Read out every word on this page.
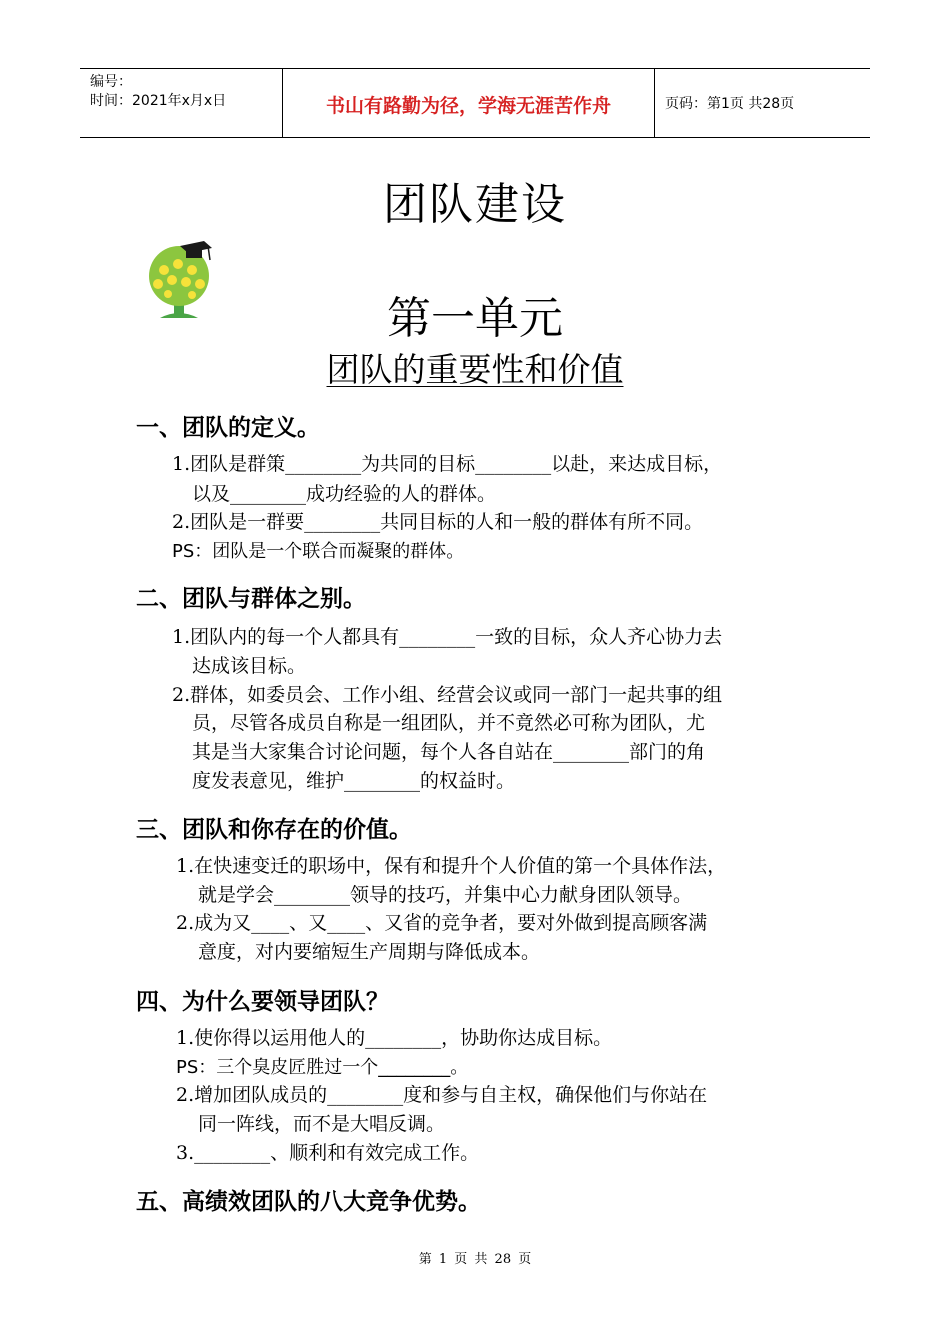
编号：
时间：2021年x月x日	书山有路勤为径，学海无涯苦作舟	页码：第1页 共28页
团队建设
第一单元
团队的重要性和价值
一、团队的定义。
1.团队是群策________为共同的目标________以赴，来达成目标，
以及________成功经验的人的群体。
2.团队是一群要________共同目标的人和一般的群体有所不同。
PS：团队是一个联合而凝聚的群体。
二、团队与群体之别。
1.团队内的每一个人都具有________一致的目标，众人齐心协力去
达成该目标。
2.群体，如委员会、工作小组、经营会议或同一部门一起共事的组
员，尽管各成员自称是一组团队，并不竟然必可称为团队，尤
其是当大家集合讨论问题，每个人各自站在________部门的角
度发表意见，维护________的权益时。
三、团队和你存在的价值。
1.在快速变迁的职场中，保有和提升个人价值的第一个具体作法，
就是学会________领导的技巧，并集中心力献身团队领导。
2.成为又____、又____、又省的竞争者，要对外做到提高顾客满
意度，对内要缩短生产周期与降低成本。
四、为什么要领导团队？
1.使你得以运用他人的________，协助你达成目标。
PS：三个臭皮匠胜过一个________。
2.增加团队成员的________度和参与自主权，确保他们与你站在
同一阵线，而不是大唱反调。
3.________、顺利和有效完成工作。
五、高绩效团队的八大竞争优势。
第 1 页 共 28 页
